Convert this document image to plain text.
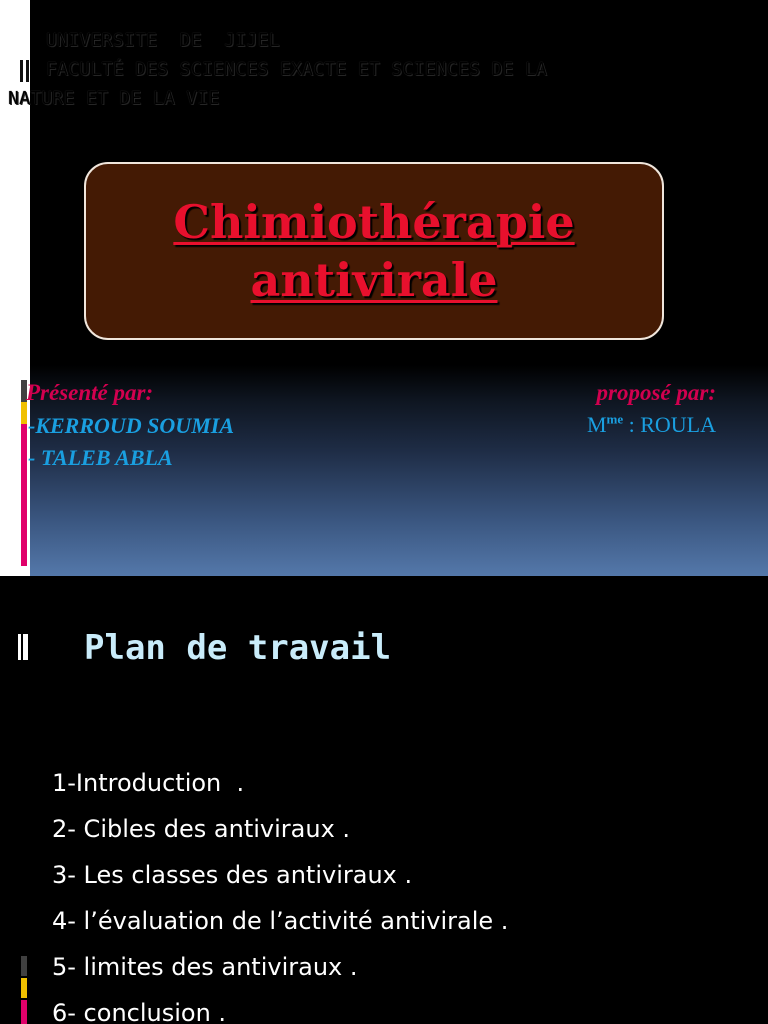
UNIVERSITE  DE  JIJEL
FACULTÉ DES SCIENCES EXACTE ET SCIENCES DE LA
NATURE ET DE LA VIE
Chimiothérapie
antivirale
Présenté par:
-KERROUD SOUMIA
- TALEB ABLA
proposé par:
$M^{me}$ : ROULA
Plan de travail
1-Introduction  .
2- Cibles des antiviraux .
3- Les classes des antiviraux .
4- l’évaluation de l’activité antivirale .
5- limites des antiviraux .
6- conclusion .
